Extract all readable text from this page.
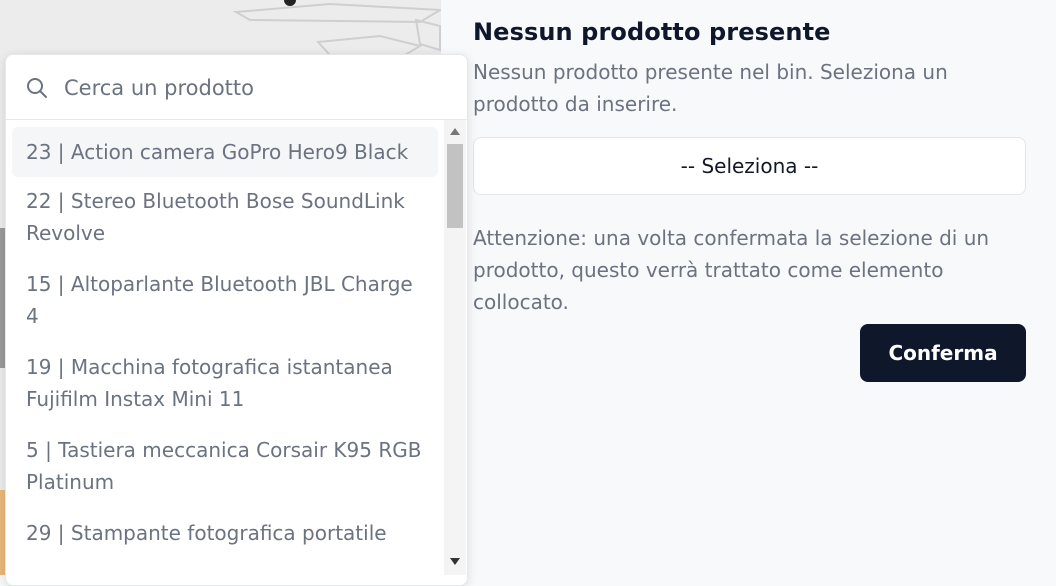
Nessun prodotto presente

Nessun prodotto presente nel bin. Seleziona un prodotto da inserire.

-- Seleziona --

Attenzione: una volta confermata la selezione di un prodotto, questo verrà trattato come elemento collocato.

Conferma
Cerca un prodotto
23 | Action camera GoPro Hero9 Black
22 | Stereo Bluetooth Bose SoundLink Revolve
15 | Altoparlante Bluetooth JBL Charge 4
19 | Macchina fotografica istantanea Fujifilm Instax Mini 11
5 | Tastiera meccanica Corsair K95 RGB Platinum
29 | Stampante fotografica portatile
